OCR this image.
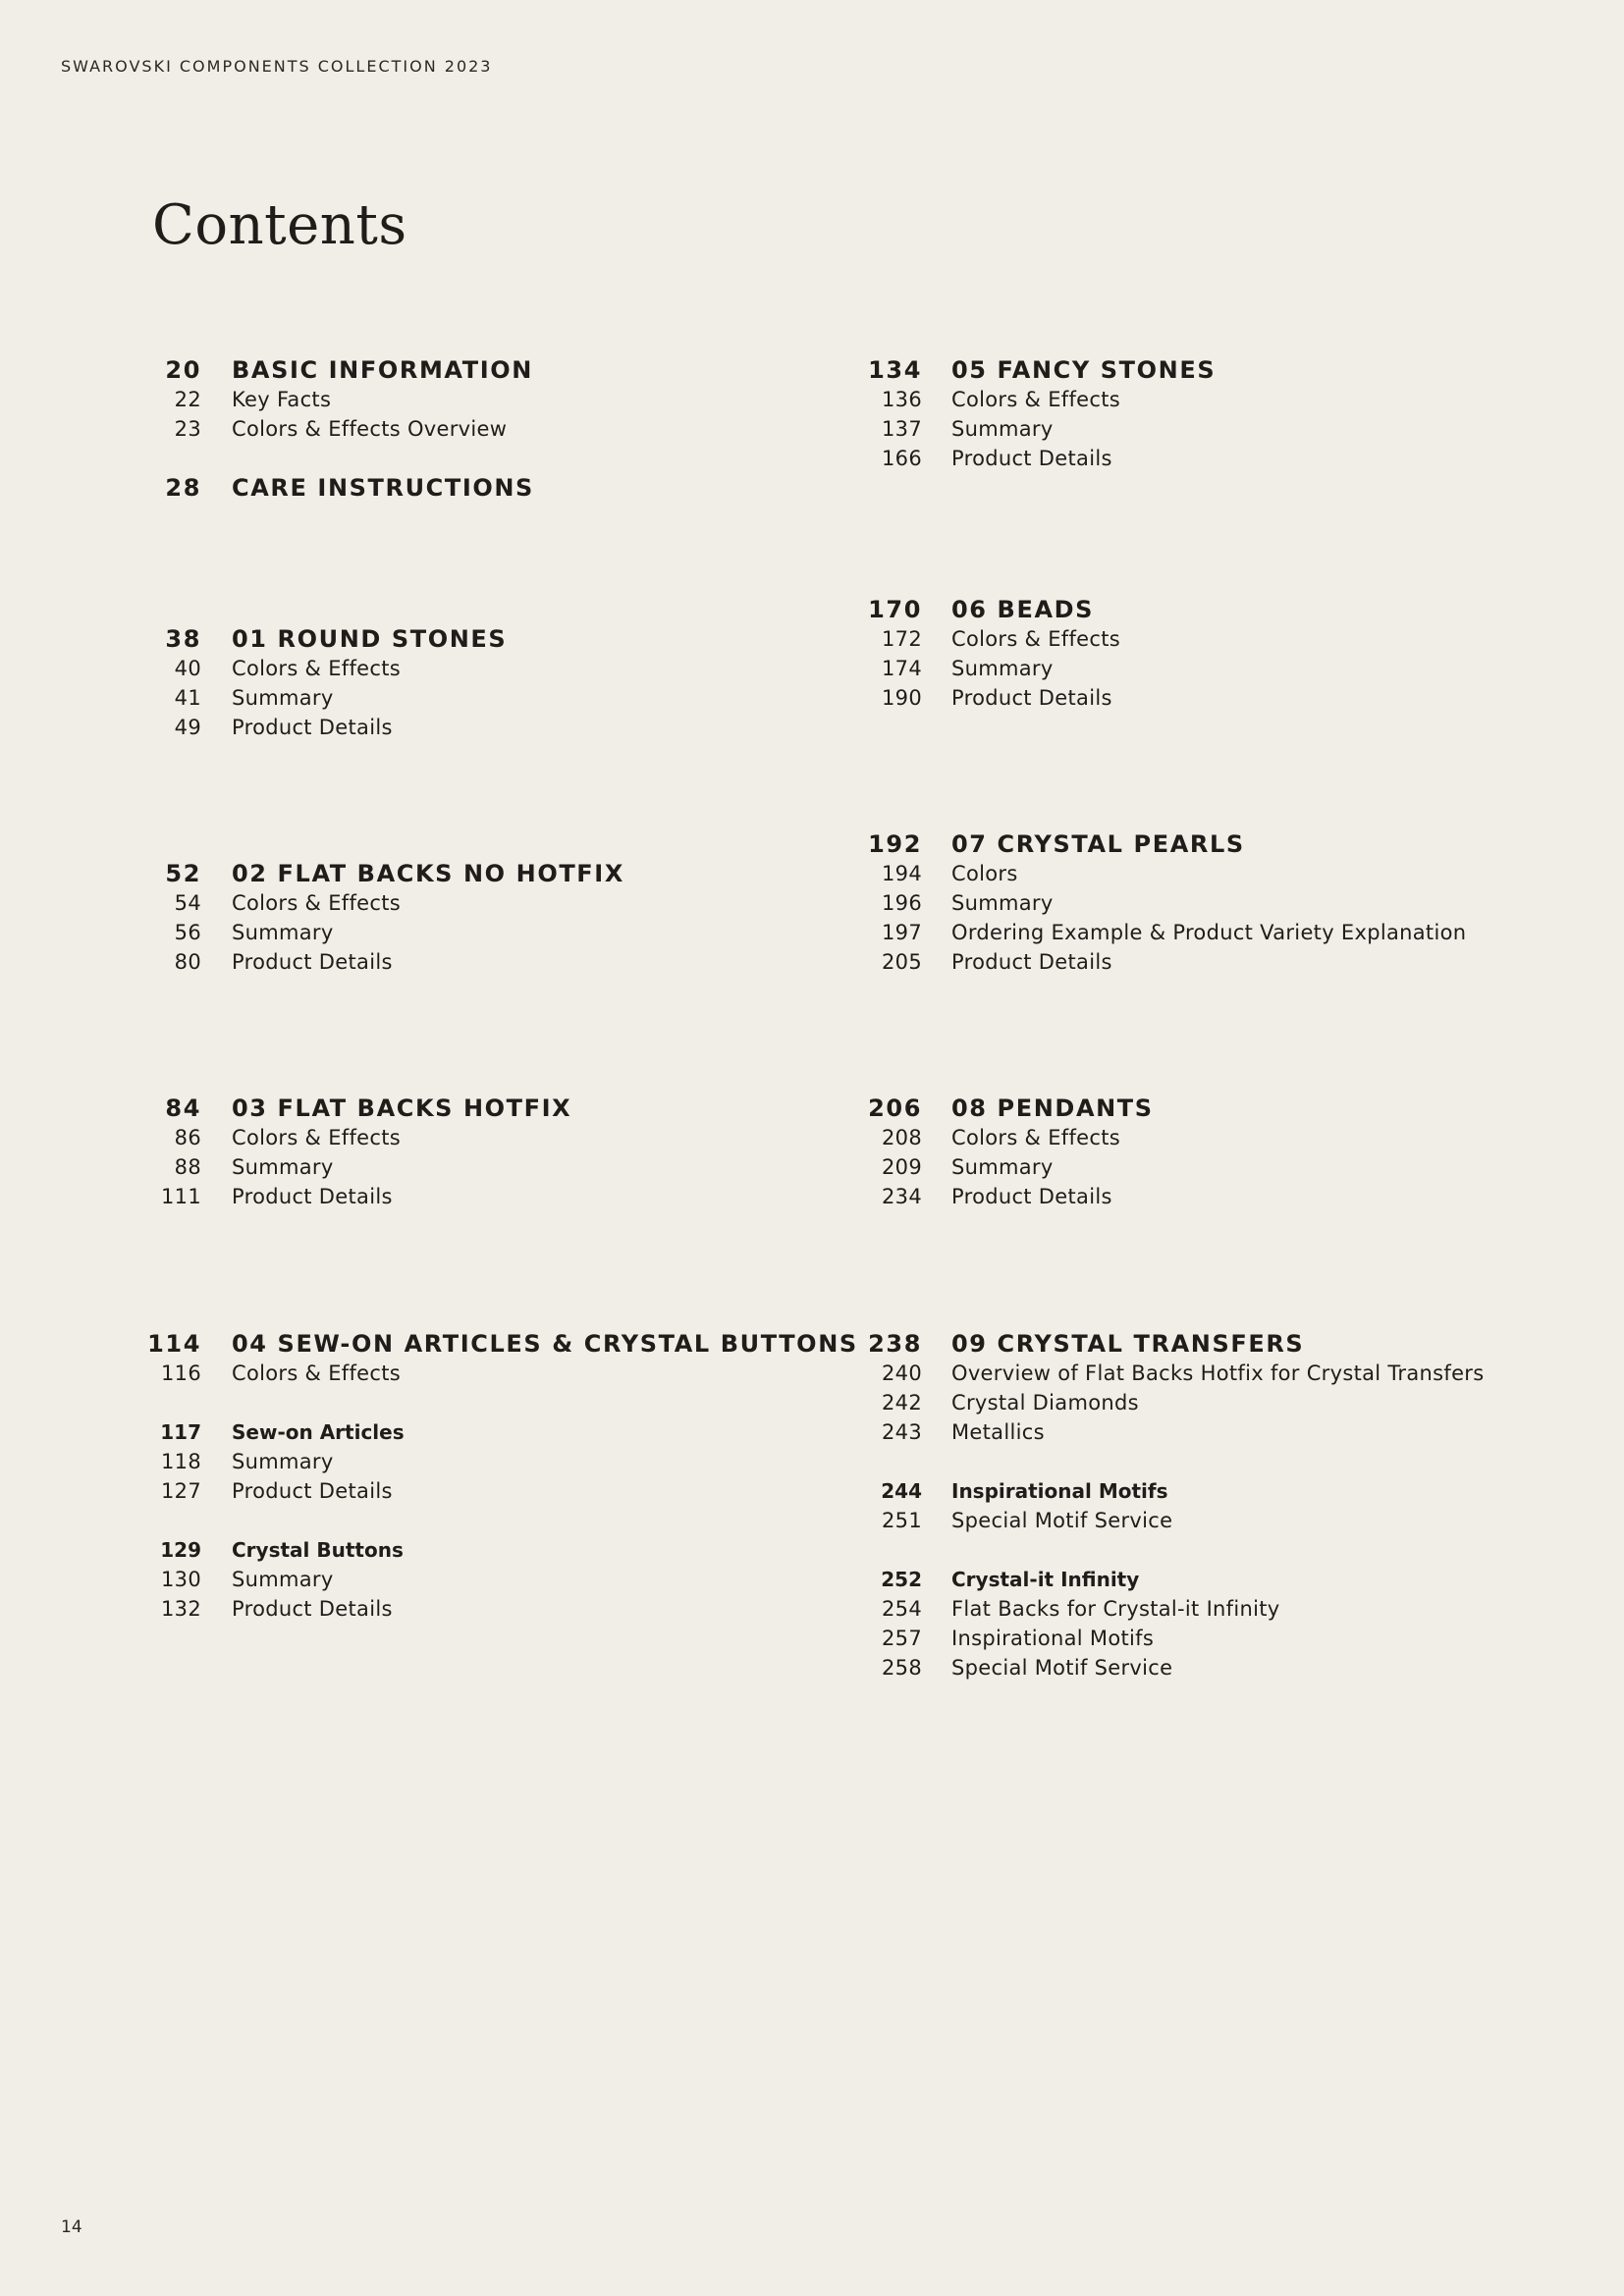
SWAROVSKI COMPONENTS COLLECTION 2023
Contents
20 BASIC INFORMATION
22 Key Facts
23 Colors & Effects Overview
28 CARE INSTRUCTIONS
38 01 ROUND STONES
40 Colors & Effects
41 Summary
49 Product Details
52 02 FLAT BACKS NO HOTFIX
54 Colors & Effects
56 Summary
80 Product Details
84 03 FLAT BACKS HOTFIX
86 Colors & Effects
88 Summary
111 Product Details
114 04 SEW-ON ARTICLES & CRYSTAL BUTTONS
116 Colors & Effects
117 Sew-on Articles
118 Summary
127 Product Details
129 Crystal Buttons
130 Summary
132 Product Details
134 05 FANCY STONES
136 Colors & Effects
137 Summary
166 Product Details
170 06 BEADS
172 Colors & Effects
174 Summary
190 Product Details
192 07 CRYSTAL PEARLS
194 Colors
196 Summary
197 Ordering Example & Product Variety Explanation
205 Product Details
206 08 PENDANTS
208 Colors & Effects
209 Summary
234 Product Details
238 09 CRYSTAL TRANSFERS
240 Overview of Flat Backs Hotfix for Crystal Transfers
242 Crystal Diamonds
243 Metallics
244 Inspirational Motifs
251 Special Motif Service
252 Crystal-it Infinity
254 Flat Backs for Crystal-it Infinity
257 Inspirational Motifs
258 Special Motif Service
14
